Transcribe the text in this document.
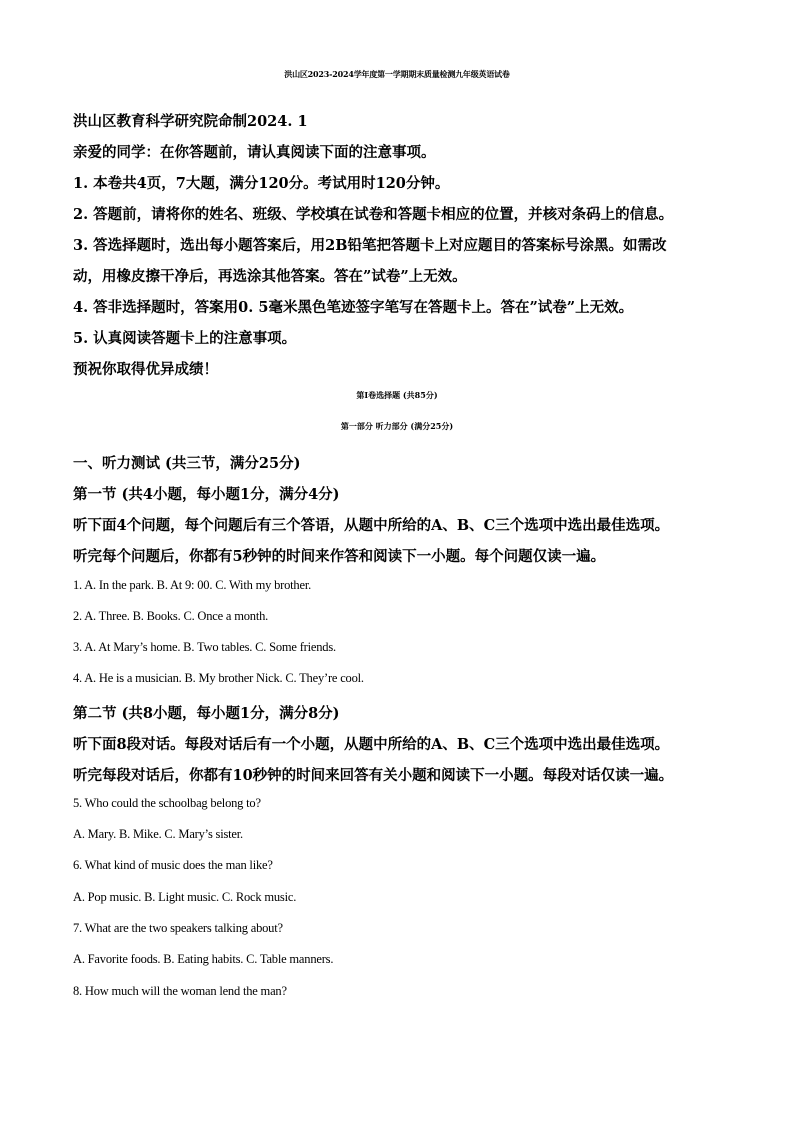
洪山区2023-2024学年度第一学期期末质量检测九年级英语试卷
洪山区教育科学研究院命制2024. 1
亲爱的同学：在你答题前，请认真阅读下面的注意事项。
1. 本卷共4页，7大题，满分120分。考试用时120分钟。
2. 答题前，请将你的姓名、班级、学校填在试卷和答题卡相应的位置，并核对条码上的信息。
3. 答选择题时，选出每小题答案后，用2B铅笔把答题卡上对应题目的答案标号涂黑。如需改
动，用橡皮擦干净后，再选涂其他答案。答在”试卷”上无效。
4. 答非选择题时，答案用0. 5毫米黑色笔迹签字笔写在答题卡上。答在”试卷”上无效。
5. 认真阅读答题卡上的注意事项。
预祝你取得优异成绩！
第I卷选择题 (共85分)
第一部分 听力部分 (满分25分)
一、听力测试 (共三节，满分25分)
第一节 (共4小题，每小题1分，满分4分)
听下面4个问题，每个问题后有三个答语，从题中所给的A、B、C三个选项中选出最佳选项。
听完每个问题后，你都有5秒钟的时间来作答和阅读下一小题。每个问题仅读一遍。
1. A. In the park. B. At 9: 00. C. With my brother.
2. A. Three. B. Books. C. Once a month.
3. A. At Mary’s home. B. Two tables. C. Some friends.
4. A. He is a musician. B. My brother Nick. C. They’re cool.
第二节 (共8小题，每小题1分，满分8分)
听下面8段对话。每段对话后有一个小题，从题中所给的A、B、C三个选项中选出最佳选项。
听完每段对话后，你都有10秒钟的时间来回答有关小题和阅读下一小题。每段对话仅读一遍。
5. Who could the schoolbag belong to?
A. Mary. B. Mike. C. Mary’s sister.
6. What kind of music does the man like?
A. Pop music. B. Light music. C. Rock music.
7. What are the two speakers talking about?
A. Favorite foods. B. Eating habits. C. Table manners.
8. How much will the woman lend the man?
